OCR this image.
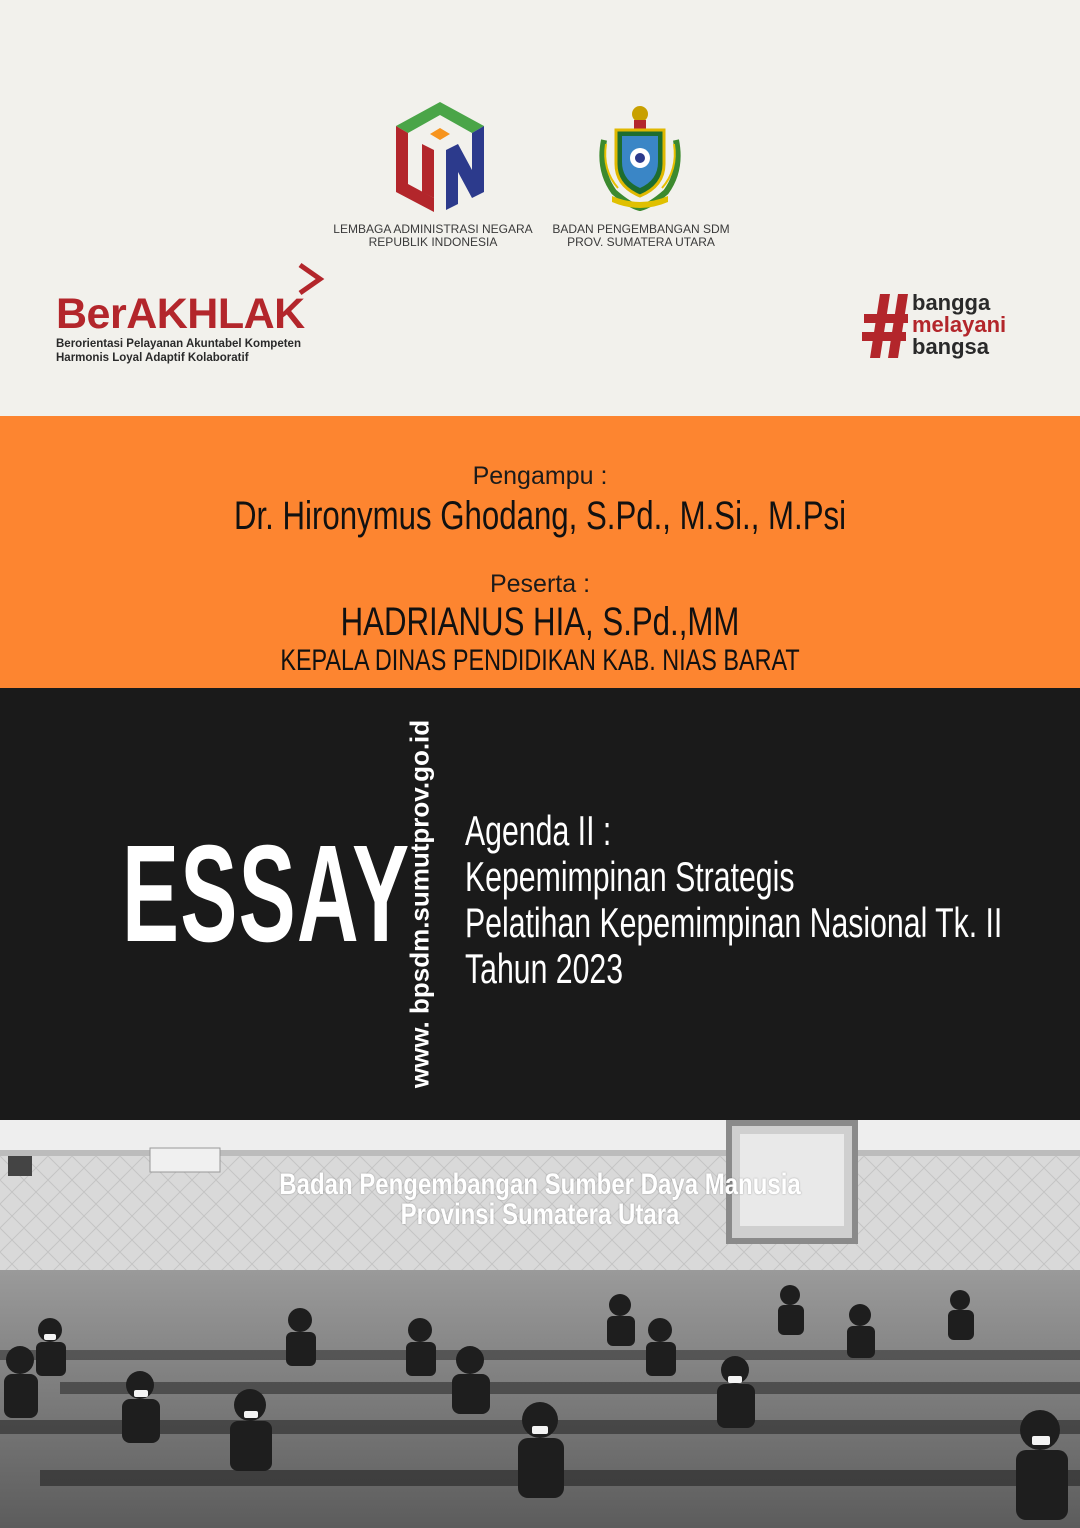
LEMBAGA ADMINISTRASI NEGARA
REPUBLIK INDONESIA
BADAN PENGEMBANGAN SDM
PROV. SUMATERA UTARA
BerAKHLAK
Berorientasi Pelayanan Akuntabel Kompeten
Harmonis Loyal Adaptif Kolaboratif
bangga
melayani
bangsa
Pengampu :
Dr. Hironymus Ghodang, S.Pd., M.Si., M.Psi
Peserta :
HADRIANUS HIA, S.Pd.,MM
KEPALA DINAS PENDIDIKAN KAB. NIAS BARAT
ESSAY
www. bpsdm.sumutprov.go.id Agenda II :
Kepemimpinan Strategis
Pelatihan Kepemimpinan Nasional Tk. II
Tahun 2023
Badan Pengembangan Sumber Daya Manusia
Provinsi Sumatera Utara
